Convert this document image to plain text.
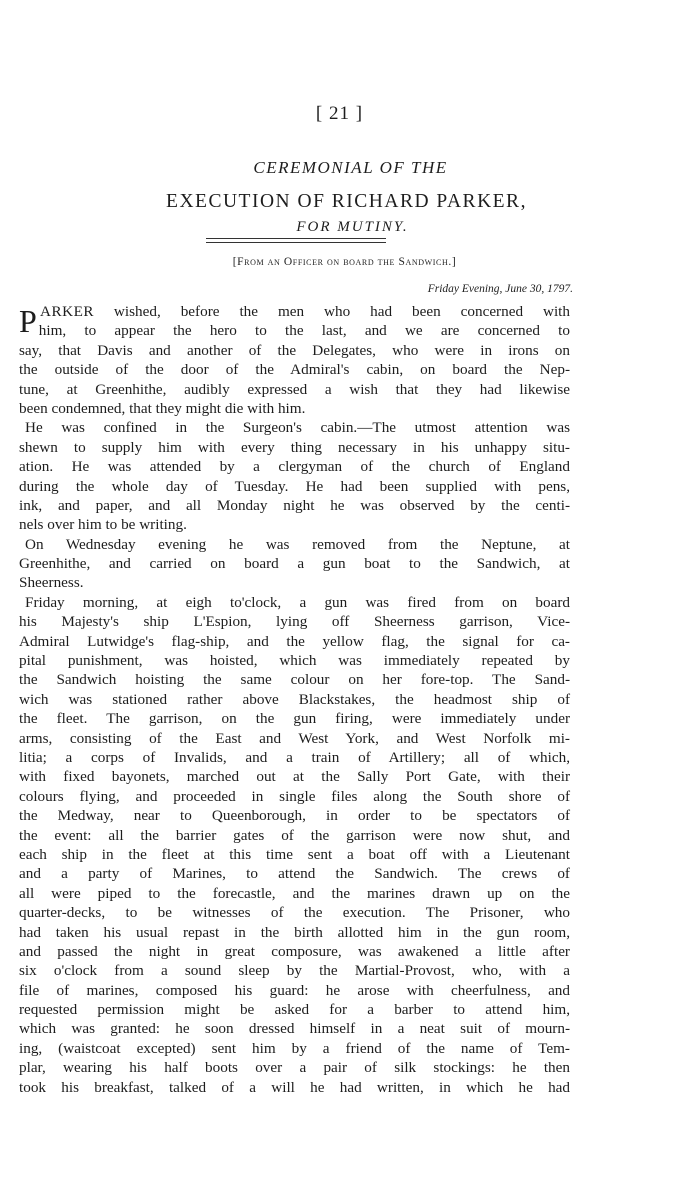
[ 21 ]
CEREMONIAL OF THE
EXECUTION OF RICHARD PARKER,
FOR MUTINY.
[From an Officer on board the Sandwich.]
Friday Evening, June 30, 1797.
P ARKER wished, before the men who had been concerned with
him, to appear the hero to the last, and we are concerned to
say, that Davis and another of the Delegates, who were in irons on
the outside of the door of the Admiral's cabin, on board the Nep-
tune, at Greenhithe, audibly expressed a wish that they had likewise
been condemned, that they might die with him.
He was confined in the Surgeon's cabin.—The utmost attention was
shewn to supply him with every thing necessary in his unhappy situ-
ation. He was attended by a clergyman of the church of England
during the whole day of Tuesday. He had been supplied with pens,
ink, and paper, and all Monday night he was observed by the centi-
nels over him to be writing.
On Wednesday evening he was removed from the Neptune, at
Greenhithe, and carried on board a gun boat to the Sandwich, at
Sheerness.
Friday morning, at eigh to'clock, a gun was fired from on board
his Majesty's ship L'Espion, lying off Sheerness garrison, Vice-
Admiral Lutwidge's flag-ship, and the yellow flag, the signal for ca-
pital punishment, was hoisted, which was immediately repeated by
the Sandwich hoisting the same colour on her fore-top. The Sand-
wich was stationed rather above Blackstakes, the headmost ship of
the fleet. The garrison, on the gun firing, were immediately under
arms, consisting of the East and West York, and West Norfolk mi-
litia; a corps of Invalids, and a train of Artillery; all of which,
with fixed bayonets, marched out at the Sally Port Gate, with their
colours flying, and proceeded in single files along the South shore of
the Medway, near to Queenborough, in order to be spectators of
the event: all the barrier gates of the garrison were now shut, and
each ship in the fleet at this time sent a boat off with a Lieutenant
and a party of Marines, to attend the Sandwich. The crews of
all were piped to the forecastle, and the marines drawn up on the
quarter-decks, to be witnesses of the execution. The Prisoner, who
had taken his usual repast in the birth allotted him in the gun room,
and passed the night in great composure, was awakened a little after
six o'clock from a sound sleep by the Martial-Provost, who, with a
file of marines, composed his guard: he arose with cheerfulness, and
requested permission might be asked for a barber to attend him,
which was granted: he soon dressed himself in a neat suit of mourn-
ing, (waistcoat excepted) sent him by a friend of the name of Tem-
plar, wearing his half boots over a pair of silk stockings: he then
took his breakfast, talked of a will he had written, in which he had
